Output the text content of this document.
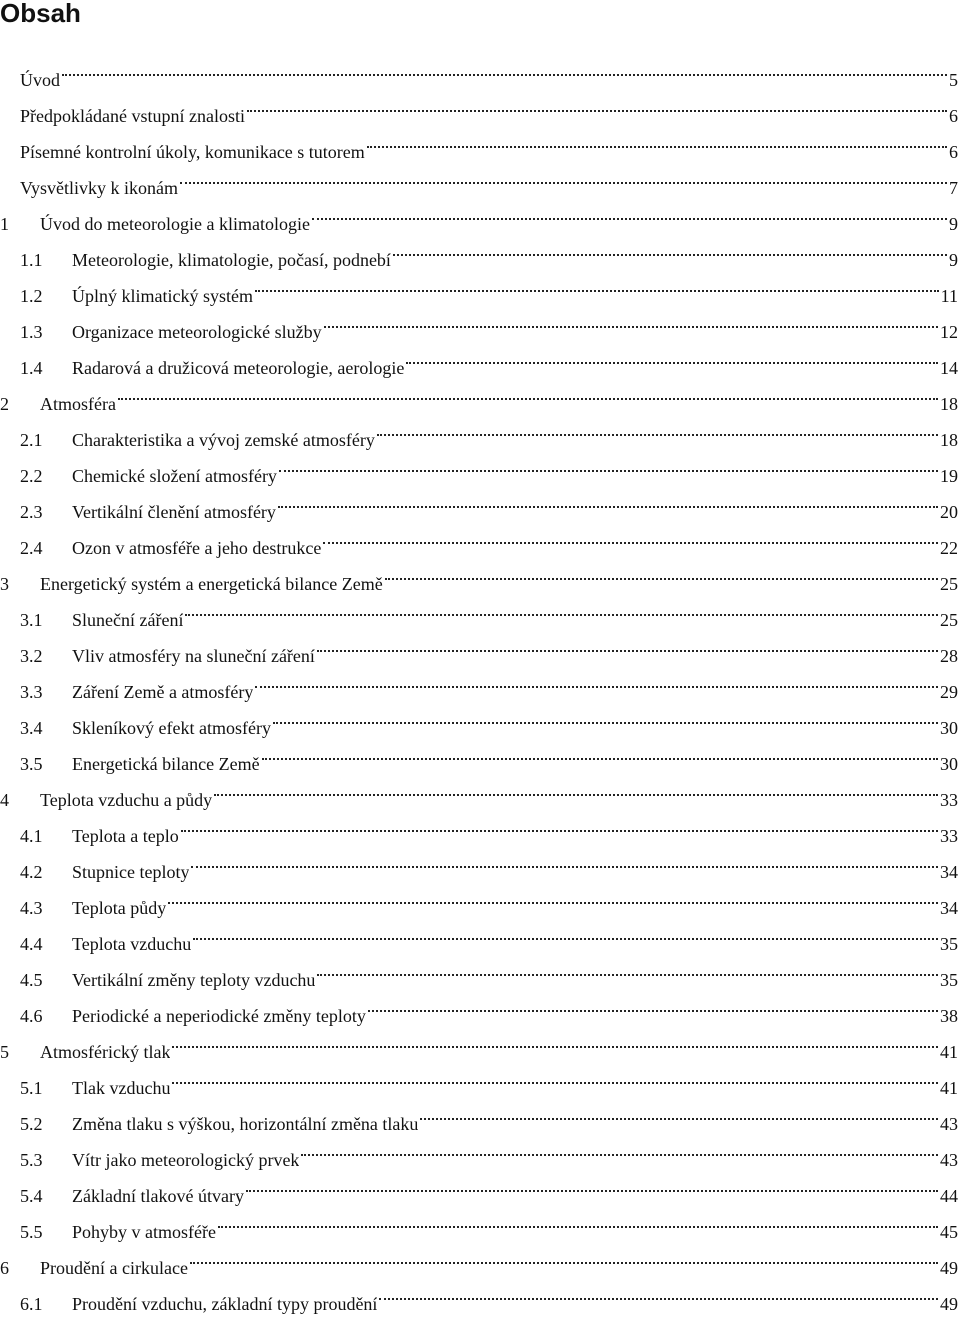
Obsah
Úvod	5
Předpokládané vstupní znalosti	6
Písemné kontrolní úkoly, komunikace s tutorem	6
Vysvětlivky k ikonám	7
1	Úvod do meteorologie a klimatologie	9
1.1	Meteorologie, klimatologie, počasí, podnebí	9
1.2	Úplný klimatický systém	11
1.3	Organizace meteorologické služby	12
1.4	Radarová a družicová meteorologie, aerologie	14
2	Atmosféra	18
2.1	Charakteristika a vývoj zemské atmosféry	18
2.2	Chemické složení atmosféry	19
2.3	Vertikální členění atmosféry	20
2.4	Ozon v atmosféře a jeho destrukce	22
3	Energetický systém a energetická bilance Země	25
3.1	Sluneční záření	25
3.2	Vliv atmosféry na sluneční záření	28
3.3	Záření Země a atmosféry	29
3.4	Skleníkový efekt atmosféry	30
3.5	Energetická bilance Země	30
4	Teplota vzduchu a půdy	33
4.1	Teplota a teplo	33
4.2	Stupnice teploty	34
4.3	Teplota půdy	34
4.4	Teplota vzduchu	35
4.5	Vertikální změny teploty vzduchu	35
4.6	Periodické a neperiodické změny teploty	38
5	Atmosférický tlak	41
5.1	Tlak vzduchu	41
5.2	Změna tlaku s výškou, horizontální změna tlaku	43
5.3	Vítr jako meteorologický prvek	43
5.4	Základní tlakové útvary	44
5.5	Pohyby v atmosféře	45
6	Proudění a cirkulace	49
6.1	Proudění vzduchu, základní typy proudění	49
